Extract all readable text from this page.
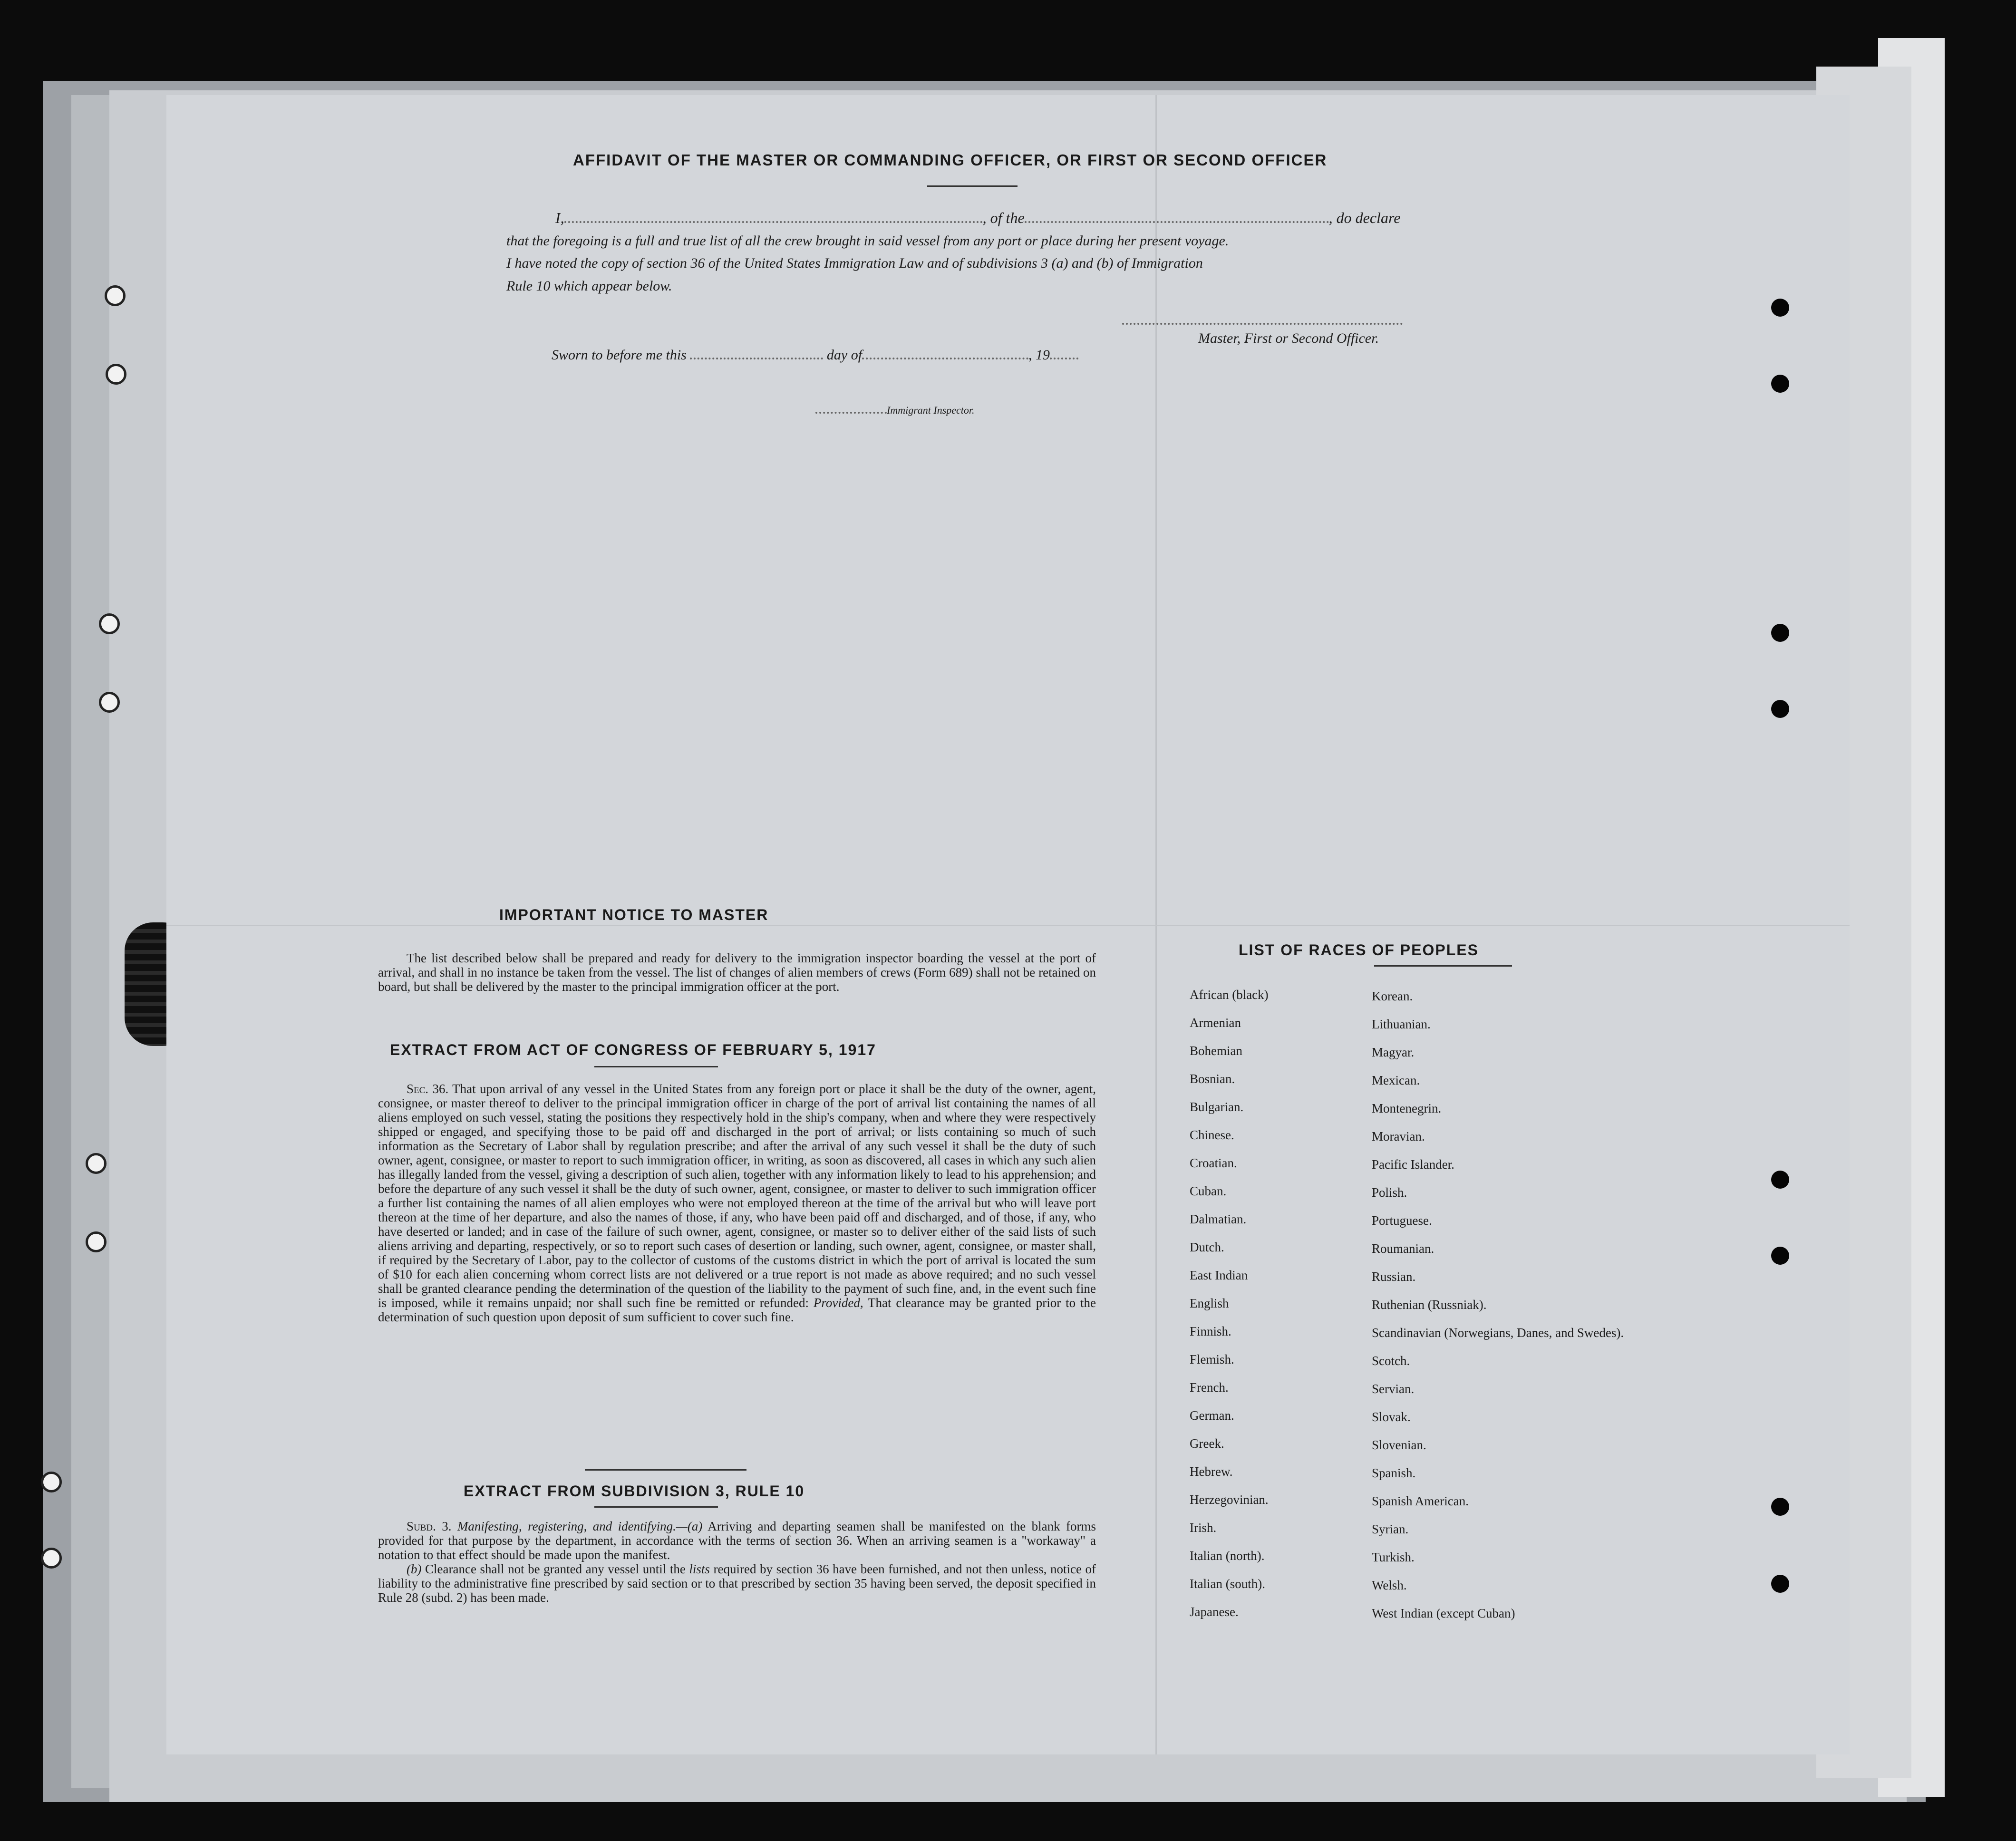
AFFIDAVIT OF THE MASTER OR COMMANDING OFFICER, OR FIRST OR SECOND OFFICER
I,	, of the	, do declare
that the foregoing is a full and true list of all the crew brought in said vessel from any port or place during her present voyage.
I have noted the copy of section 36 of the United States Immigration Law and of subdivisions 3 (a) and (b) of Immigration
Rule 10 which appear below.
Master, First or Second Officer.
Sworn to before me this	day of	, 19
Immigrant Inspector.
IMPORTANT NOTICE TO MASTER
The list described below shall be prepared and ready for delivery to the immigration inspector boarding the vessel at the port of arrival, and shall in no instance be taken from the vessel. The list of changes of alien members of crews (Form 689) shall not be retained on board, but shall be delivered by the master to the principal immigration officer at the port.
EXTRACT FROM ACT OF CONGRESS OF FEBRUARY 5, 1917
Sec. 36. That upon arrival of any vessel in the United States from any foreign port or place it shall be the duty of the owner, agent, consignee, or master thereof to deliver to the principal immigration officer in charge of the port of arrival list containing the names of all aliens employed on such vessel, stating the positions they respectively hold in the ship's company, when and where they were respectively shipped or engaged, and specifying those to be paid off and discharged in the port of arrival; or lists containing so much of such information as the Secretary of Labor shall by regulation prescribe; and after the arrival of any such vessel it shall be the duty of such owner, agent, consignee, or master to report to such immigration officer, in writing, as soon as discovered, all cases in which any such alien has illegally landed from the vessel, giving a description of such alien, together with any information likely to lead to his apprehension; and before the departure of any such vessel it shall be the duty of such owner, agent, consignee, or master to deliver to such immigration officer a further list containing the names of all alien employes who were not employed thereon at the time of the arrival but who will leave port thereon at the time of her departure, and also the names of those, if any, who have been paid off and discharged, and of those, if any, who have deserted or landed; and in case of the failure of such owner, agent, consignee, or master so to deliver either of the said lists of such aliens arriving and departing, respectively, or so to report such cases of desertion or landing, such owner, agent, consignee, or master shall, if required by the Secretary of Labor, pay to the collector of customs of the customs district in which the port of arrival is located the sum of $10 for each alien concerning whom correct lists are not delivered or a true report is not made as above required; and no such vessel shall be granted clearance pending the determination of the question of the liability to the payment of such fine, and, in the event such fine is imposed, while it remains unpaid; nor shall such fine be remitted or refunded: Provided, That clearance may be granted prior to the determination of such question upon deposit of sum sufficient to cover such fine.
EXTRACT FROM SUBDIVISION 3, RULE 10
Subd. 3. Manifesting, registering, and identifying.—(a) Arriving and departing seamen shall be manifested on the blank forms provided for that purpose by the department, in accordance with the terms of section 36. When an arriving seamen is a "workaway" a notation to that effect should be made upon the manifest.
(b) Clearance shall not be granted any vessel until the lists required by section 36 have been furnished, and not then unless, notice of liability to the administrative fine prescribed by said section or to that prescribed by section 35 having been served, the deposit specified in Rule 28 (subd. 2) has been made.
LIST OF RACES OF PEOPLES
African (black)
Armenian
Bohemian
Bosnian.
Bulgarian.
Chinese.
Croatian.
Cuban.
Dalmatian.
Dutch.
East Indian
English
Finnish.
Flemish.
French.
German.
Greek.
Hebrew.
Herzegovinian.
Irish.
Italian (north).
Italian (south).
Japanese.
Korean.
Lithuanian.
Magyar.
Mexican.
Montenegrin.
Moravian.
Pacific Islander.
Polish.
Portuguese.
Roumanian.
Russian.
Ruthenian (Russniak).
Scandinavian (Norwegians, Danes, and Swedes).
Scotch.
Servian.
Slovak.
Slovenian.
Spanish.
Spanish American.
Syrian.
Turkish.
Welsh.
West Indian (except Cuban)
